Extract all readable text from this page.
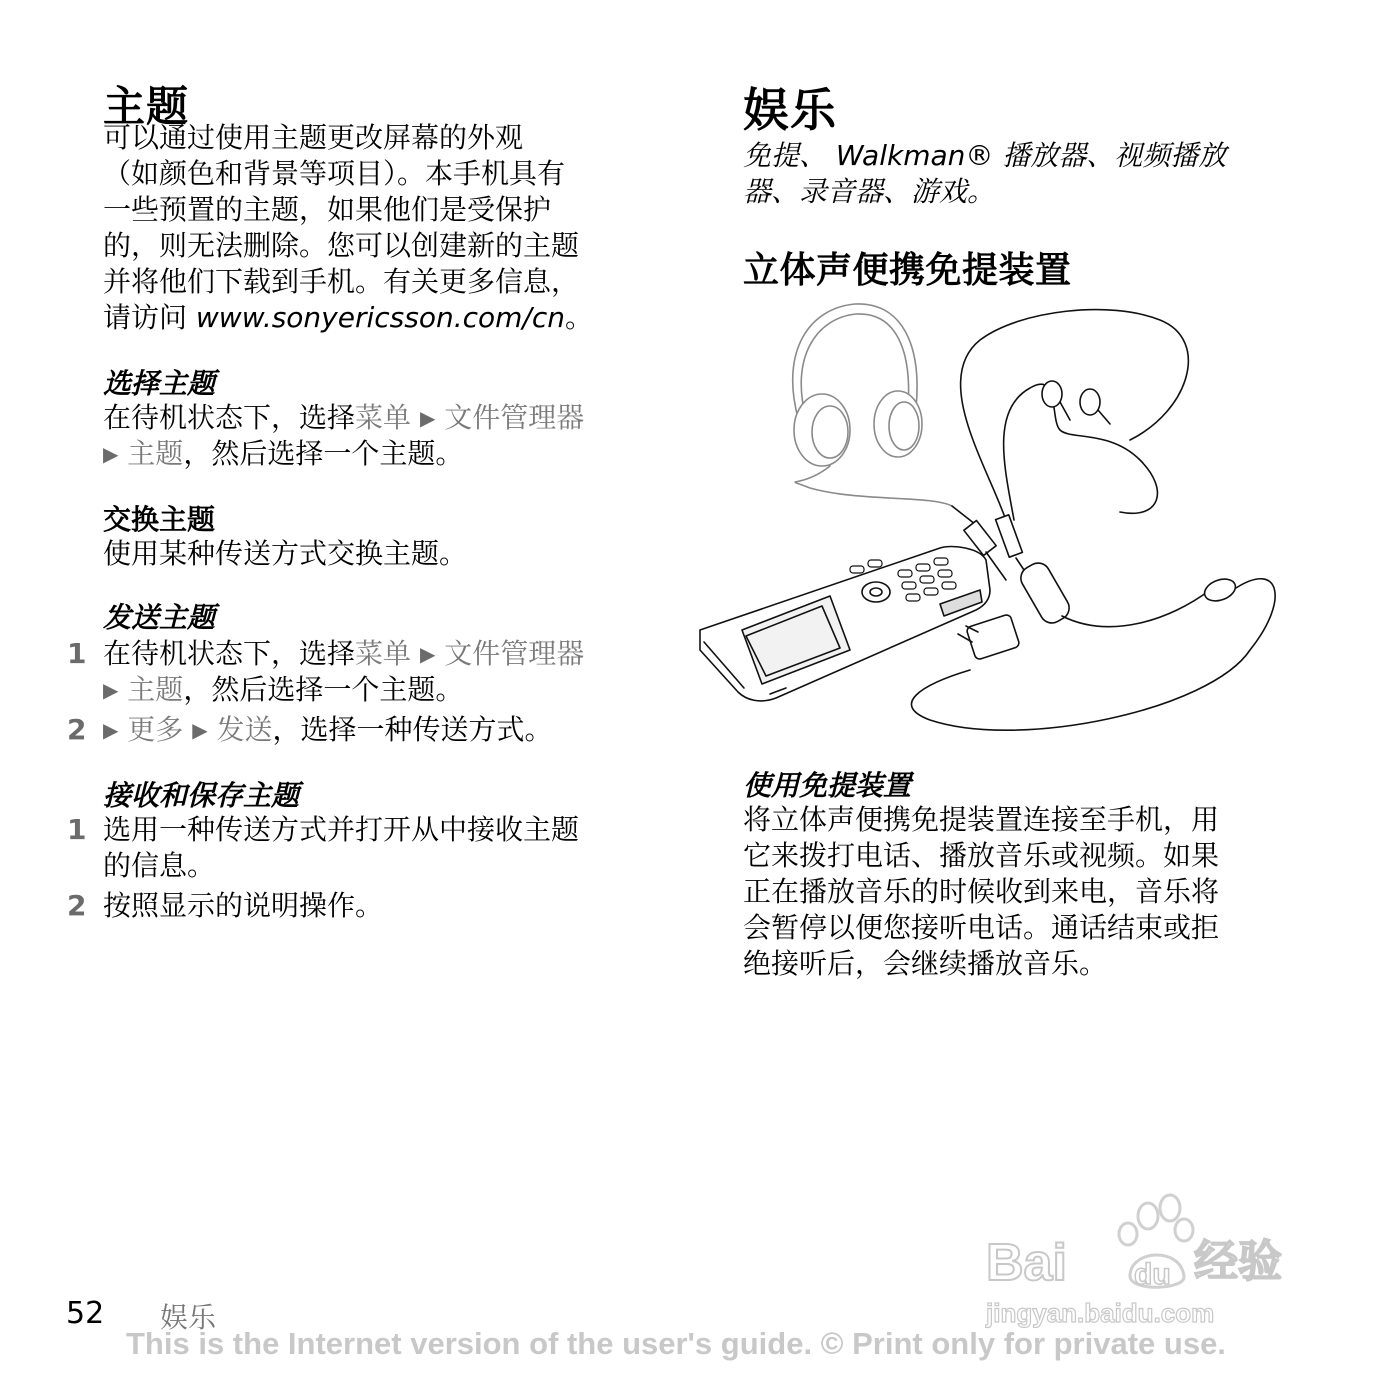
主题
可以通过使用主题更改屏幕的外观
（如颜色和背景等项目）。本手机具有
一些预置的主题，如果他们是受保护
的，则无法删除。您可以创建新的主题
并将他们下载到手机。有关更多信息，
请访问 www.sonyericsson.com/cn。
选择主题
在待机状态下，选择菜单 ▶ 文件管理器
▶ 主题，然后选择一个主题。
交换主题
使用某种传送方式交换主题。
发送主题
1 在待机状态下，选择菜单 ▶ 文件管理器
▶ 主题，然后选择一个主题。
2 ▶ 更多 ▶ 发送，选择一种传送方式。
接收和保存主题
1 选用一种传送方式并打开从中接收主题
的信息。
2 按照显示的说明操作。
娱乐
免提、 Walkman® 播放器、视频播放
器、录音器、游戏。
立体声便携免提装置
使用免提装置
将立体声便携免提装置连接至手机，用
它来拨打电话、播放音乐或视频。如果
正在播放音乐的时候收到来电，音乐将
会暂停以便您接听电话。通话结束或拒
绝接听后，会继续播放音乐。
52 娱乐
This is the Internet version of the user's guide. © Print only for private use.
Bai du 经验
jingyan.baidu.com
